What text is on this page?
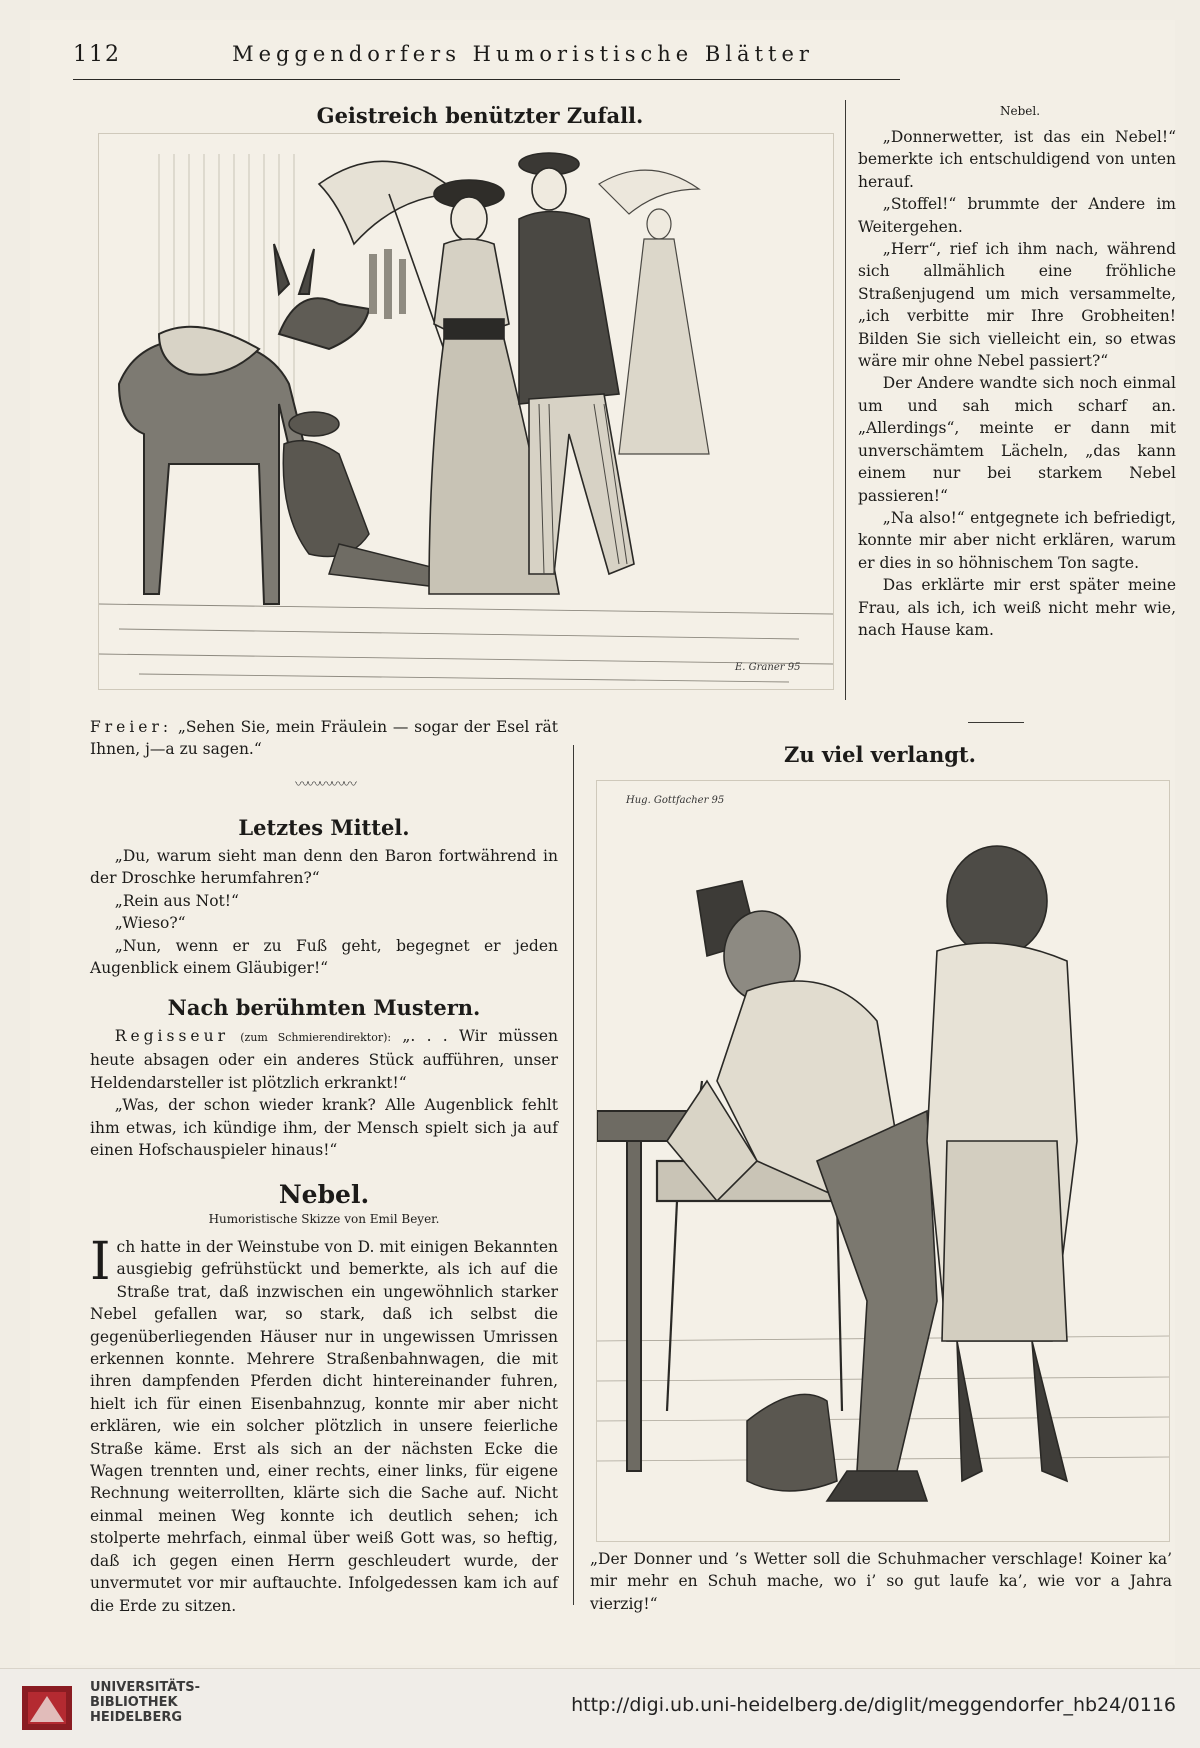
112	Meggendorfers Humoristische Blätter
Geistreich benützter Zufall.
E. Graner 95

Freier: „Sehen Sie, mein Fräulein — sogar der Esel rät Ihnen, j—a zu sagen.“

〰〰〰〰〰
Letztes Mittel.

„Du, warum sieht man denn den Baron fortwährend in der Droschke herumfahren?“

„Rein aus Not!“

„Wieso?“

„Nun, wenn er zu Fuß geht, begegnet er jeden Augenblick einem Gläubiger!“

Nach berühmten Mustern.

Regisseur (zum Schmierendirektor): „. . . Wir müssen heute absagen oder ein anderes Stück aufführen, unser Heldendarsteller ist plötzlich erkrankt!“

„Was, der schon wieder krank? Alle Augenblick fehlt ihm etwas, ich kündige ihm, der Mensch spielt sich ja auf einen Hofschauspieler hinaus!“

Nebel.
Humoristische Skizze von Emil Beyer.

Ich hatte in der Weinstube von D. mit einigen Bekannten ausgiebig gefrühstückt und bemerkte, als ich auf die Straße trat, daß inzwischen ein ungewöhnlich starker Nebel gefallen war, so stark, daß ich selbst die gegenüberliegenden Häuser nur in ungewissen Umrissen erkennen konnte. Mehrere Straßenbahnwagen, die mit ihren dampfenden Pferden dicht hintereinander fuhren, hielt ich für einen Eisenbahnzug, konnte mir aber nicht erklären, wie ein solcher plötzlich in unsere feierliche Straße käme. Erst als sich an der nächsten Ecke die Wagen trennten und, einer rechts, einer links, für eigene Rechnung weiterrollten, klärte sich die Sache auf. Nicht einmal meinen Weg konnte ich deutlich sehen; ich stolperte mehrfach, einmal über weiß Gott was, so heftig, daß ich gegen einen Herrn geschleudert wurde, der unvermutet vor mir auftauchte. Infolgedessen kam ich auf die Erde zu sitzen.

Nebel.

„Donnerwetter, ist das ein Nebel!“ bemerkte ich entschuldigend von unten herauf.

„Stoffel!“ brummte der Andere im Weitergehen.

„Herr“, rief ich ihm nach, während sich allmählich eine fröhliche Straßenjugend um mich versammelte, „ich verbitte mir Ihre Grobheiten! Bilden Sie sich vielleicht ein, so etwas wäre mir ohne Nebel passiert?“

Der Andere wandte sich noch einmal um und sah mich scharf an. „Allerdings“, meinte er dann mit unverschämtem Lächeln, „das kann einem nur bei starkem Nebel passieren!“

„Na also!“ entgegnete ich befriedigt, konnte mir aber nicht erklären, warum er dies in so höhnischem Ton sagte.

Das erklärte mir erst später meine Frau, als ich, ich weiß nicht mehr wie, nach Hause kam.

Zu viel verlangt.
Hug. Gottfacher 95
„Der Donner und ’s Wetter soll die Schuhmacher verschlage! Koiner ka’ mir mehr en Schuh mache, wo i’ so gut laufe ka’, wie vor a Jahra vierzig!“
UNIVERSITÄTS-
BIBLIOTHEK
HEIDELBERG
http://digi.ub.uni-heidelberg.de/diglit/meggendorfer_hb24/0116
